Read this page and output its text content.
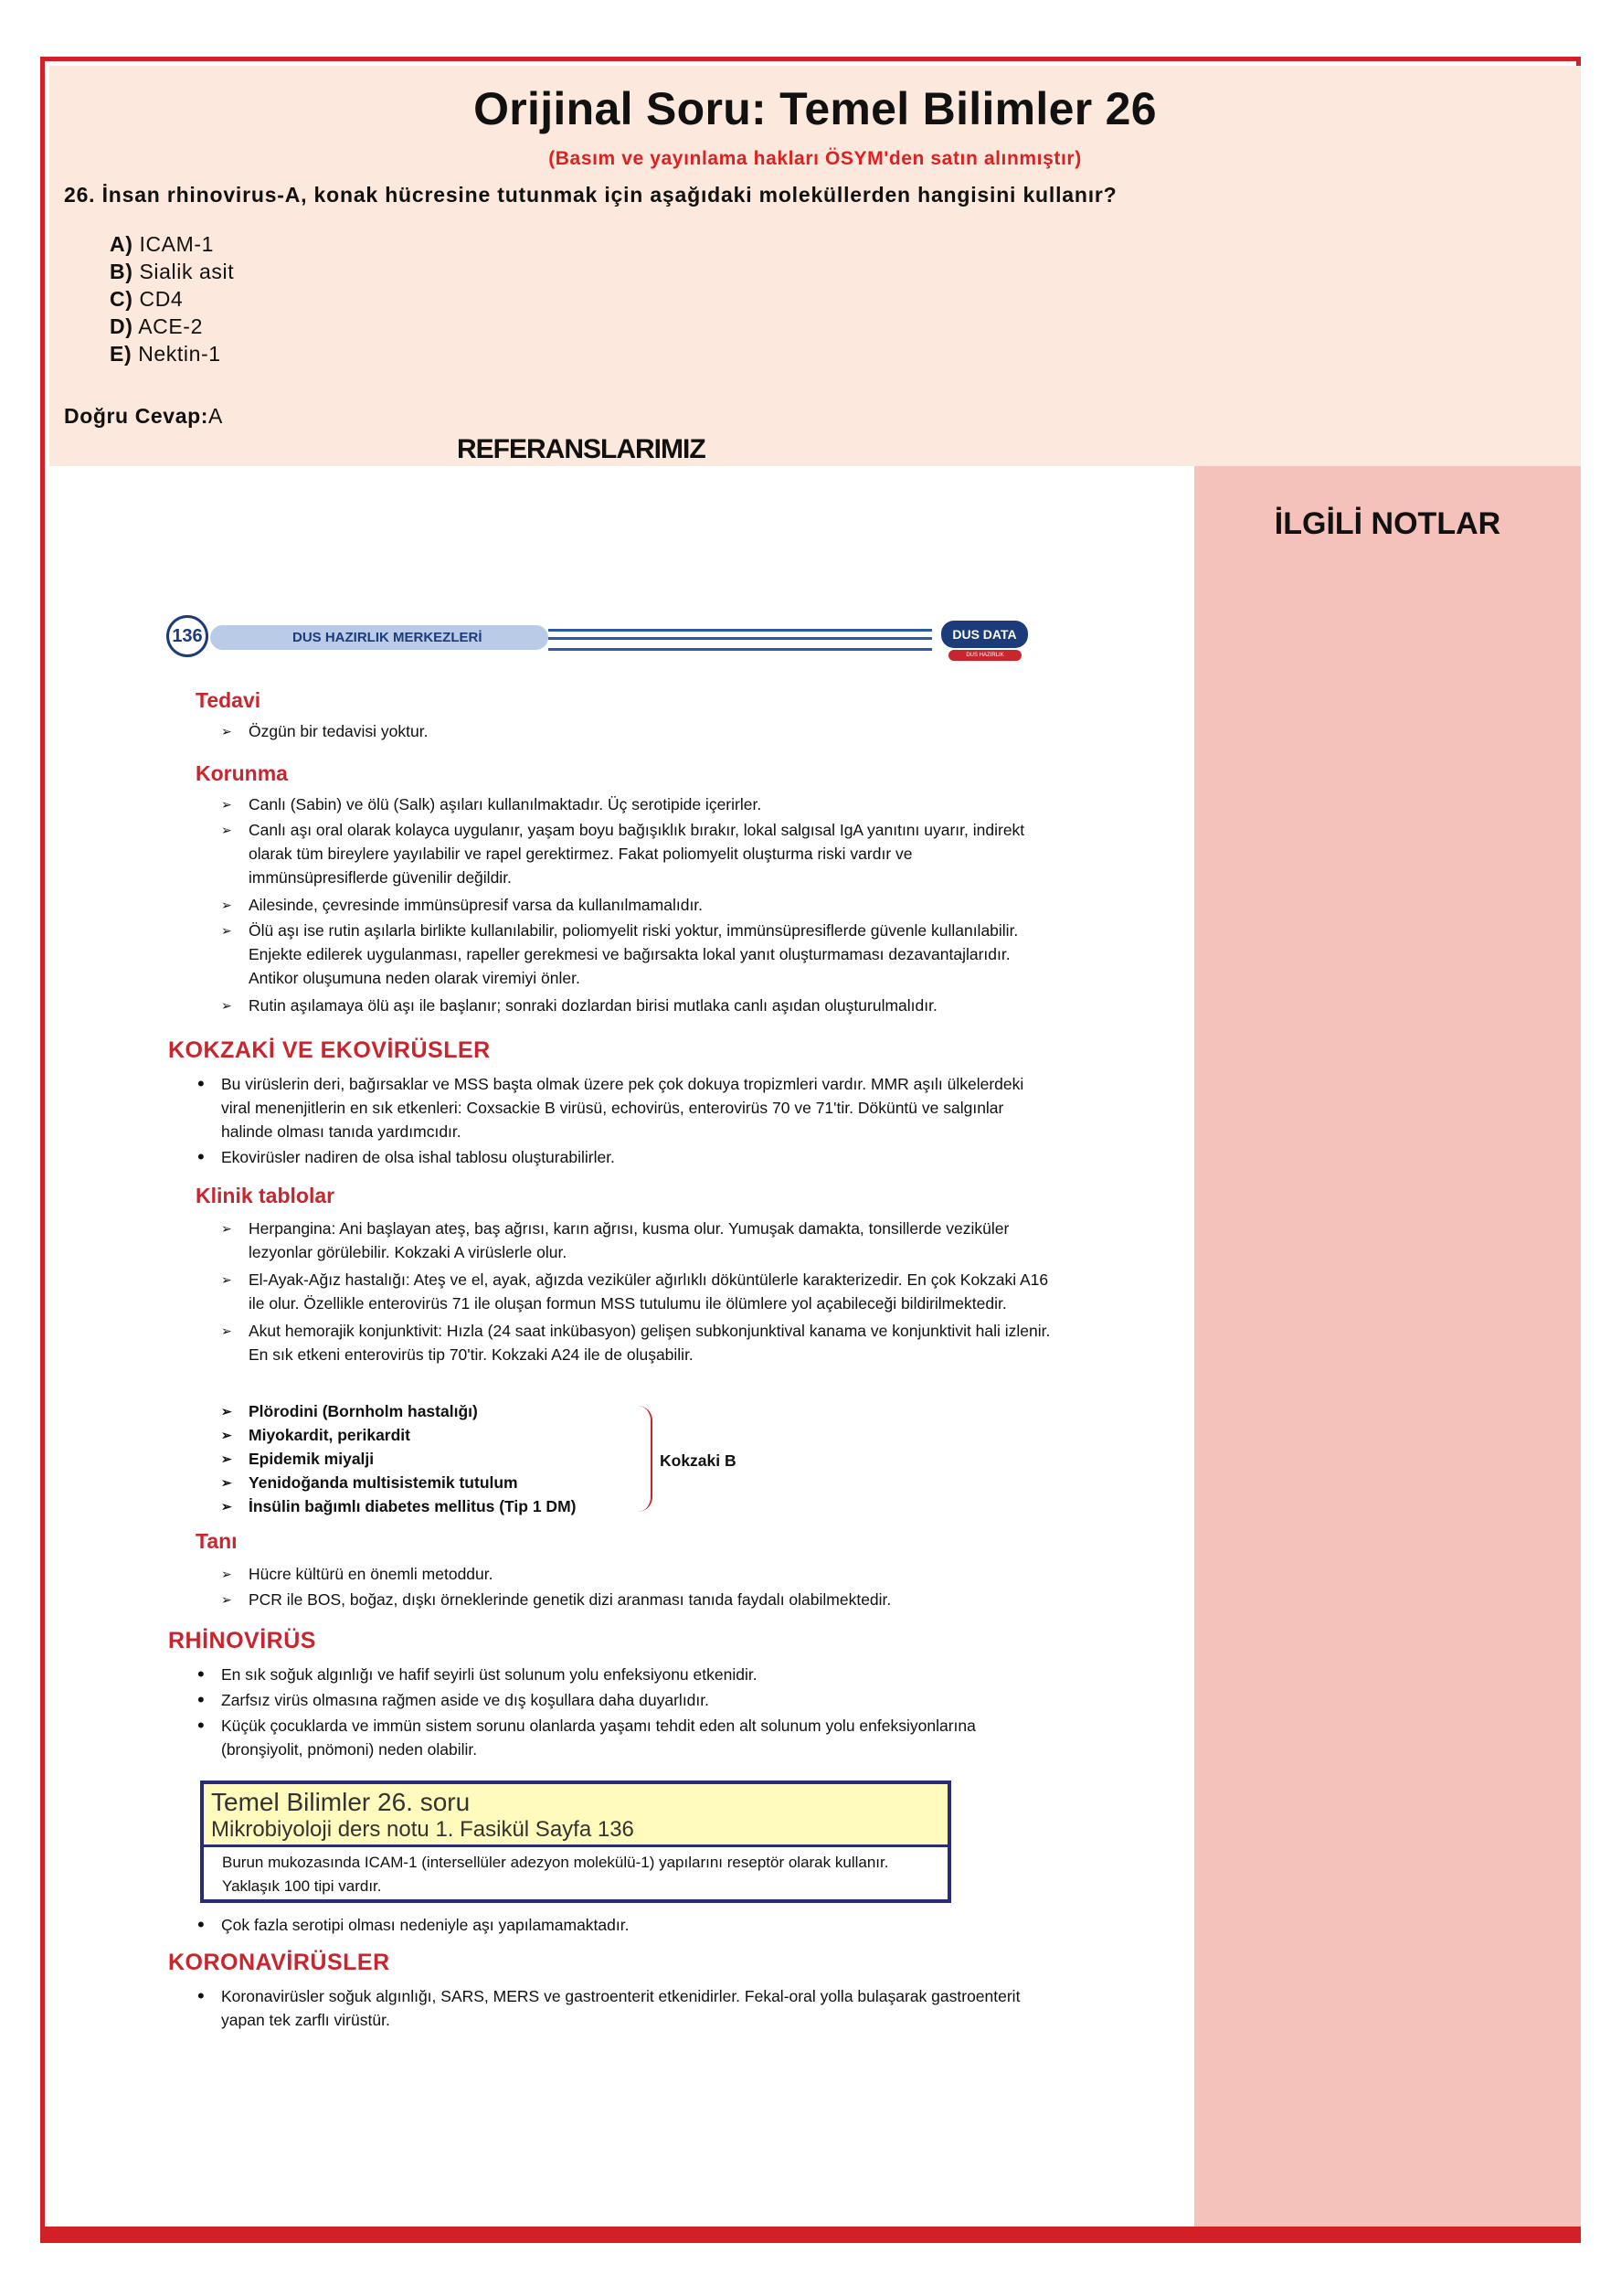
Orijinal Soru: Temel Bilimler 26
(Basım ve yayınlama hakları ÖSYM'den satın alınmıştır)
26. İnsan rhinovirus-A, konak hücresine tutunmak için aşağıdaki moleküllerden hangisini kullanır?
A) ICAM-1
B) Sialik asit
C) CD4
D) ACE-2
E) Nektin-1
Doğru Cevap:A
İLGİLİ NOTLAR
REFERANSLARIMIZ
136	DUS HAZIRLIK MERKEZLERİ	DUS DATA
DUS HAZIRLIK MERKEZLERİ
Tedavi
➢ Özgün bir tedavisi yoktur.
Korunma
➢ Canlı (Sabin) ve ölü (Salk) aşıları kullanılmaktadır. Üç serotipide içerirler.
➢ Canlı aşı oral olarak kolayca uygulanır, yaşam boyu bağışıklık bırakır, lokal salgısal IgA yanıtını uyarır, indirekt olarak tüm bireylere yayılabilir ve rapel gerektirmez. Fakat poliomyelit oluşturma riski vardır ve immünsüpresiflerde güvenilir değildir.
➢ Ailesinde, çevresinde immünsüpresif varsa da kullanılmamalıdır.
➢ Ölü aşı ise rutin aşılarla birlikte kullanılabilir, poliomyelit riski yoktur, immünsüpresiflerde güvenle kullanılabilir. Enjekte edilerek uygulanması, rapeller gerekmesi ve bağırsakta lokal yanıt oluşturmaması dezavantajlarıdır. Antikor oluşumuna neden olarak viremiyi önler.
➢ Rutin aşılamaya ölü aşı ile başlanır; sonraki dozlardan birisi mutlaka canlı aşıdan oluşturulmalıdır.
KOKZAKİ VE EKOVİRÜSLER
• Bu virüslerin deri, bağırsaklar ve MSS başta olmak üzere pek çok dokuya tropizmleri vardır. MMR aşılı ülkelerdeki viral menenjitlerin en sık etkenleri: Coxsackie B virüsü, echovirüs, enterovirüs 70 ve 71'tir. Döküntü ve salgınlar halinde olması tanıda yardımcıdır.
• Ekovirüsler nadiren de olsa ishal tablosu oluşturabilirler.
Klinik tablolar
➢ Herpangina: Ani başlayan ateş, baş ağrısı, karın ağrısı, kusma olur. Yumuşak damakta, tonsillerde veziküler lezyonlar görülebilir. Kokzaki A virüslerle olur.
➢ El-Ayak-Ağız hastalığı: Ateş ve el, ayak, ağızda veziküler ağırlıklı döküntülerle karakterizedir. En çok Kokzaki A16 ile olur. Özellikle enterovirüs 71 ile oluşan formun MSS tutulumu ile ölümlere yol açabileceği bildirilmektedir.
➢ Akut hemorajik konjunktivit: Hızla (24 saat inkübasyon) gelişen subkonjunktival kanama ve konjunktivit hali izlenir. En sık etkeni enterovirüs tip 70'tir. Kokzaki A24 ile de oluşabilir.
➢ Plörodini (Bornholm hastalığı)
➢ Miyokardit, perikardit
➢ Epidemik miyalji
➢ Yenidoğanda multisistemik tutulum
➢ İnsülin bağımlı diabetes mellitus (Tip 1 DM)
Kokzaki B
Tanı
➢ Hücre kültürü en önemli metoddur.
➢ PCR ile BOS, boğaz, dışkı örneklerinde genetik dizi aranması tanıda faydalı olabilmektedir.
RHİNOVİRÜS
• En sık soğuk algınlığı ve hafif seyirli üst solunum yolu enfeksiyonu etkenidir.
• Zarfsız virüs olmasına rağmen aside ve dış koşullara daha duyarlıdır.
• Küçük çocuklarda ve immün sistem sorunu olanlarda yaşamı tehdit eden alt solunum yolu enfeksiyonlarına (bronşiyolit, pnömoni) neden olabilir.
• Çok fazla serotipi olması nedeniyle aşı yapılamamaktadır.
KORONAVİRÜSLER
• Koronavirüsler soğuk algınlığı, SARS, MERS ve gastroenterit etkenidirler. Fekal-oral yolla bulaşarak gastroenterit yapan tek zarflı virüstür.
Temel Bilimler 26. soru
Mikrobiyoloji ders notu 1. Fasikül Sayfa 136
Burun mukozasında ICAM-1 (intersellüler adezyon molekülü-1) yapılarını reseptör olarak kullanır.
Yaklaşık 100 tipi vardır.
